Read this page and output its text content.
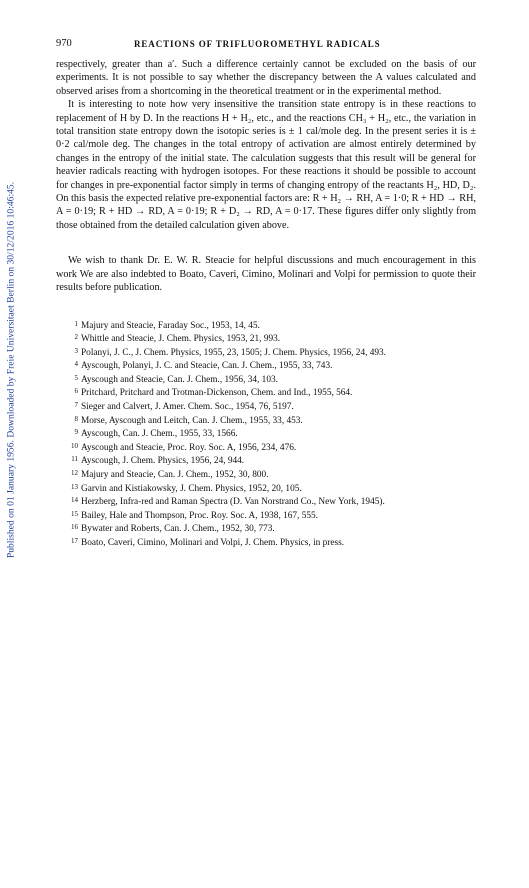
Published on 01 January 1956. Downloaded by Freie Universitaet Berlin on 30/12/2016 10:46:45.
970	REACTIONS OF TRIFLUOROMETHYL RADICALS

respectively, greater than a′. Such a difference certainly cannot be excluded on the basis of our experiments. It is not possible to say whether the discrepancy between the A values calculated and observed arises from a shortcoming in the theoretical treatment or in the experimental method.

It is interesting to note how very insensitive the transition state entropy is in these reactions to replacement of H by D. In the reactions H + H₂, etc., and the reactions CH₃ + H₂, etc., the variation in total transition state entropy down the isotopic series is ± 1 cal/mole deg. In the present series it is ± 0·2 cal/mole deg. The changes in the total entropy of activation are almost entirely determined by changes in the entropy of the initial state. The calculation suggests that this result will be general for heavier radicals reacting with hydrogen isotopes. For these reactions it should be possible to account for changes in pre-exponential factor simply in terms of changing entropy of the reactants H₂, HD, D₂. On this basis the expected relative pre-exponential factors are: R + H₂ → RH, A = 1·0; R + HD → RH, A = 0·19; R + HD → RD, A = 0·19; R + D₂ → RD, A = 0·17. These figures differ only slightly from those obtained from the detailed calculation given above.

We wish to thank Dr. E. W. R. Steacie for helpful discussions and much encouragement in this work We are also indebted to Boato, Caveri, Cimino, Molinari and Volpi for permission to quote their results before publication.

1 Majury and Steacie, Faraday Soc., 1953, 14, 45.
2 Whittle and Steacie, J. Chem. Physics, 1953, 21, 993.
3 Polanyi, J. C., J. Chem. Physics, 1955, 23, 1505; J. Chem. Physics, 1956, 24, 493.
4 Ayscough, Polanyi, J. C. and Steacie, Can. J. Chem., 1955, 33, 743.
5 Ayscough and Steacie, Can. J. Chem., 1956, 34, 103.
6 Pritchard, Pritchard and Trotman-Dickenson, Chem. and Ind., 1955, 564.
7 Sieger and Calvert, J. Amer. Chem. Soc., 1954, 76, 5197.
8 Morse, Ayscough and Leitch, Can. J. Chem., 1955, 33, 453.
9 Ayscough, Can. J. Chem., 1955, 33, 1566.
10 Ayscough and Steacie, Proc. Roy. Soc. A, 1956, 234, 476.
11 Ayscough, J. Chem. Physics, 1956, 24, 944.
12 Majury and Steacie, Can. J. Chem., 1952, 30, 800.
13 Garvin and Kistiakowsky, J. Chem. Physics, 1952, 20, 105.
14 Herzberg, Infra-red and Raman Spectra (D. Van Norstrand Co., New York, 1945).
15 Bailey, Hale and Thompson, Proc. Roy. Soc. A, 1938, 167, 555.
16 Bywater and Roberts, Can. J. Chem., 1952, 30, 773.
17 Boato, Caveri, Cimino, Molinari and Volpi, J. Chem. Physics, in press.
